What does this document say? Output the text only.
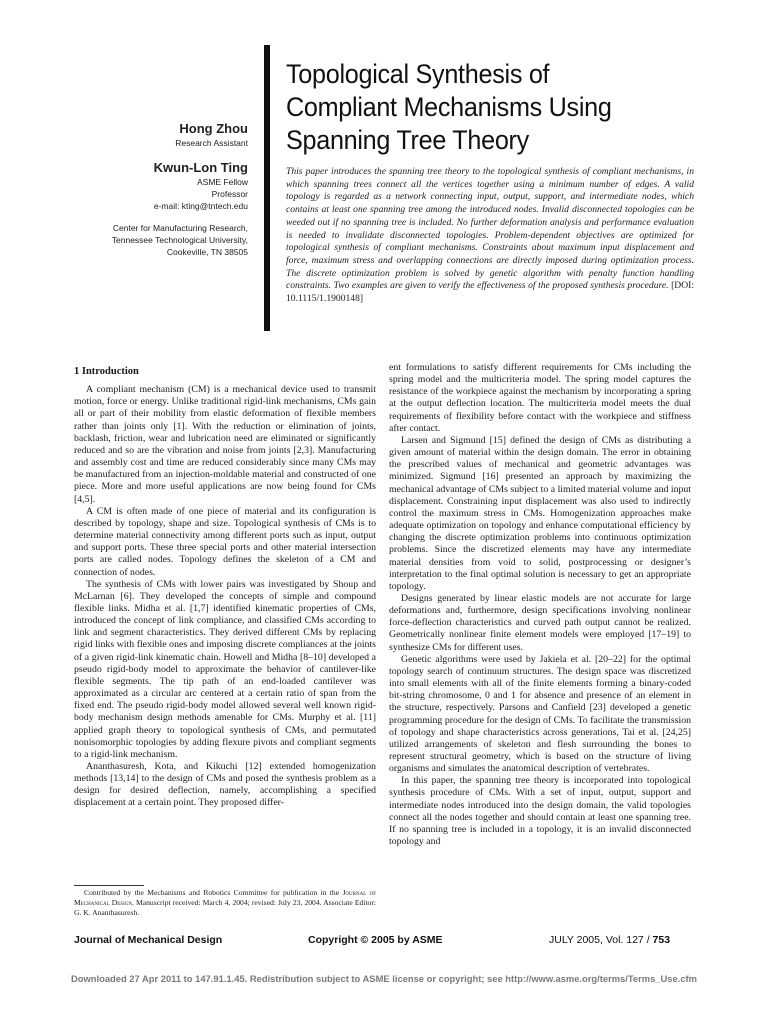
Topological Synthesis of
Compliant Mechanisms Using
Spanning Tree Theory
Hong Zhou
Research Assistant
Kwun-Lon Ting
ASME Fellow
Professor
e-mail: kting@tntech.edu
Center for Manufacturing Research,
Tennessee Technological University,
Cookeville, TN 38505
This paper introduces the spanning tree theory to the topological synthesis of compliant mechanisms, in which spanning trees connect all the vertices together using a minimum number of edges. A valid topology is regarded as a network connecting input, output, support, and intermediate nodes, which contains at least one spanning tree among the introduced nodes. Invalid disconnected topologies can be weeded out if no spanning tree is included. No further deformation analysis and performance evaluation is needed to invalidate disconnected topologies. Problem-dependent objectives are optimized for topological synthesis of compliant mechanisms. Constraints about maximum input displacement and force, maximum stress and overlapping connections are directly imposed during optimization process. The discrete optimization problem is solved by genetic algorithm with penalty function handling constraints. Two examples are given to verify the effectiveness of the proposed synthesis procedure. [DOI: 10.1115/1.1900148]
1 Introduction

A compliant mechanism (CM) is a mechanical device used to transmit motion, force or energy. Unlike traditional rigid-link mechanisms, CMs gain all or part of their mobility from elastic deformation of flexible members rather than joints only [1]. With the reduction or elimination of joints, backlash, friction, wear and lubrication need are eliminated or significantly reduced and so are the vibration and noise from joints [2,3]. Manufacturing and assembly cost and time are reduced considerably since many CMs may be manufactured from an injection-moldable material and constructed of one piece. More and more useful applications are now being found for CMs [4,5].

A CM is often made of one piece of material and its configuration is described by topology, shape and size. Topological synthesis of CMs is to determine material connectivity among different ports such as input, output and support ports. These three special ports and other material intersection ports are called nodes. Topology defines the skeleton of a CM and connection of nodes.

The synthesis of CMs with lower pairs was investigated by Shoup and McLarnan [6]. They developed the concepts of simple and compound flexible links. Midha et al. [1,7] identified kinematic properties of CMs, introduced the concept of link compliance, and classified CMs according to link and segment characteristics. They derived different CMs by replacing rigid links with flexible ones and imposing discrete compliances at the joints of a given rigid-link kinematic chain. Howell and Midha [8–10] developed a pseudo rigid-body model to approximate the behavior of cantilever-like flexible segments. The tip path of an end-loaded cantilever was approximated as a circular arc centered at a certain ratio of span from the fixed end. The pseudo rigid-body model allowed several well known rigid-body mechanism design methods amenable for CMs. Murphy et al. [11] applied graph theory to topological synthesis of CMs, and permutated nonisomorphic topologies by adding flexure pivots and compliant segments to a rigid-link mechanism.

Ananthasuresh, Kota, and Kikuchi [12] extended homogenization methods [13,14] to the design of CMs and posed the synthesis problem as a design for desired deflection, namely, accomplishing a specified displacement at a certain point. They proposed differ-

ent formulations to satisfy different requirements for CMs including the spring model and the multicriteria model. The spring model captures the resistance of the workpiece against the mechanism by incorporating a spring at the output deflection location. The multicriteria model meets the dual requirements of flexibility before contact with the workpiece and stiffness after contact.

Larsen and Sigmund [15] defined the design of CMs as distributing a given amount of material within the design domain. The error in obtaining the prescribed values of mechanical and geometric advantages was minimized. Sigmund [16] presented an approach by maximizing the mechanical advantage of CMs subject to a limited material volume and input displacement. Constraining input displacement was also used to indirectly control the maximum stress in CMs. Homogenization approaches make adequate optimization on topology and enhance computational efficiency by changing the discrete optimization problems into continuous optimization problems. Since the discretized elements may have any intermediate material densities from void to solid, postprocessing or designer’s interpretation to the final optimal solution is necessary to get an appropriate topology.

Designs generated by linear elastic models are not accurate for large deformations and, furthermore, design specifications involving nonlinear force-deflection characteristics and curved path output cannot be realized. Geometrically nonlinear finite element models were employed [17–19] to synthesize CMs for different uses.

Genetic algorithms were used by Jakiela et al. [20–22] for the optimal topology search of continuum structures. The design space was discretized into small elements with all of the finite elements forming a binary-coded bit-string chromosome, 0 and 1 for absence and presence of an element in the structure, respectively. Parsons and Canfield [23] developed a genetic programming procedure for the design of CMs. To facilitate the transmission of topology and shape characteristics across generations, Tai et al. [24,25] utilized arrangements of skeleton and flesh surrounding the bones to represent structural geometry, which is based on the structure of living organisms and simulates the anatomical description of vertebrates.

In this paper, the spanning tree theory is incorporated into topological synthesis procedure of CMs. With a set of input, output, support and intermediate nodes introduced into the design domain, the valid topologies connect all the nodes together and should contain at least one spanning tree. If no spanning tree is included in a topology, it is an invalid disconnected topology and

Contributed by the Mechanisms and Robotics Committee for publication in the Journal of Mechanical Design. Manuscript received: March 4, 2004; revised: July 23, 2004. Associate Editor: G. K. Ananthasuresh.

Journal of Mechanical Design	Copyright © 2005 by ASME	JULY 2005, Vol. 127 / 753
Downloaded 27 Apr 2011 to 147.91.1.45. Redistribution subject to ASME license or copyright; see http://www.asme.org/terms/Terms_Use.cfm
